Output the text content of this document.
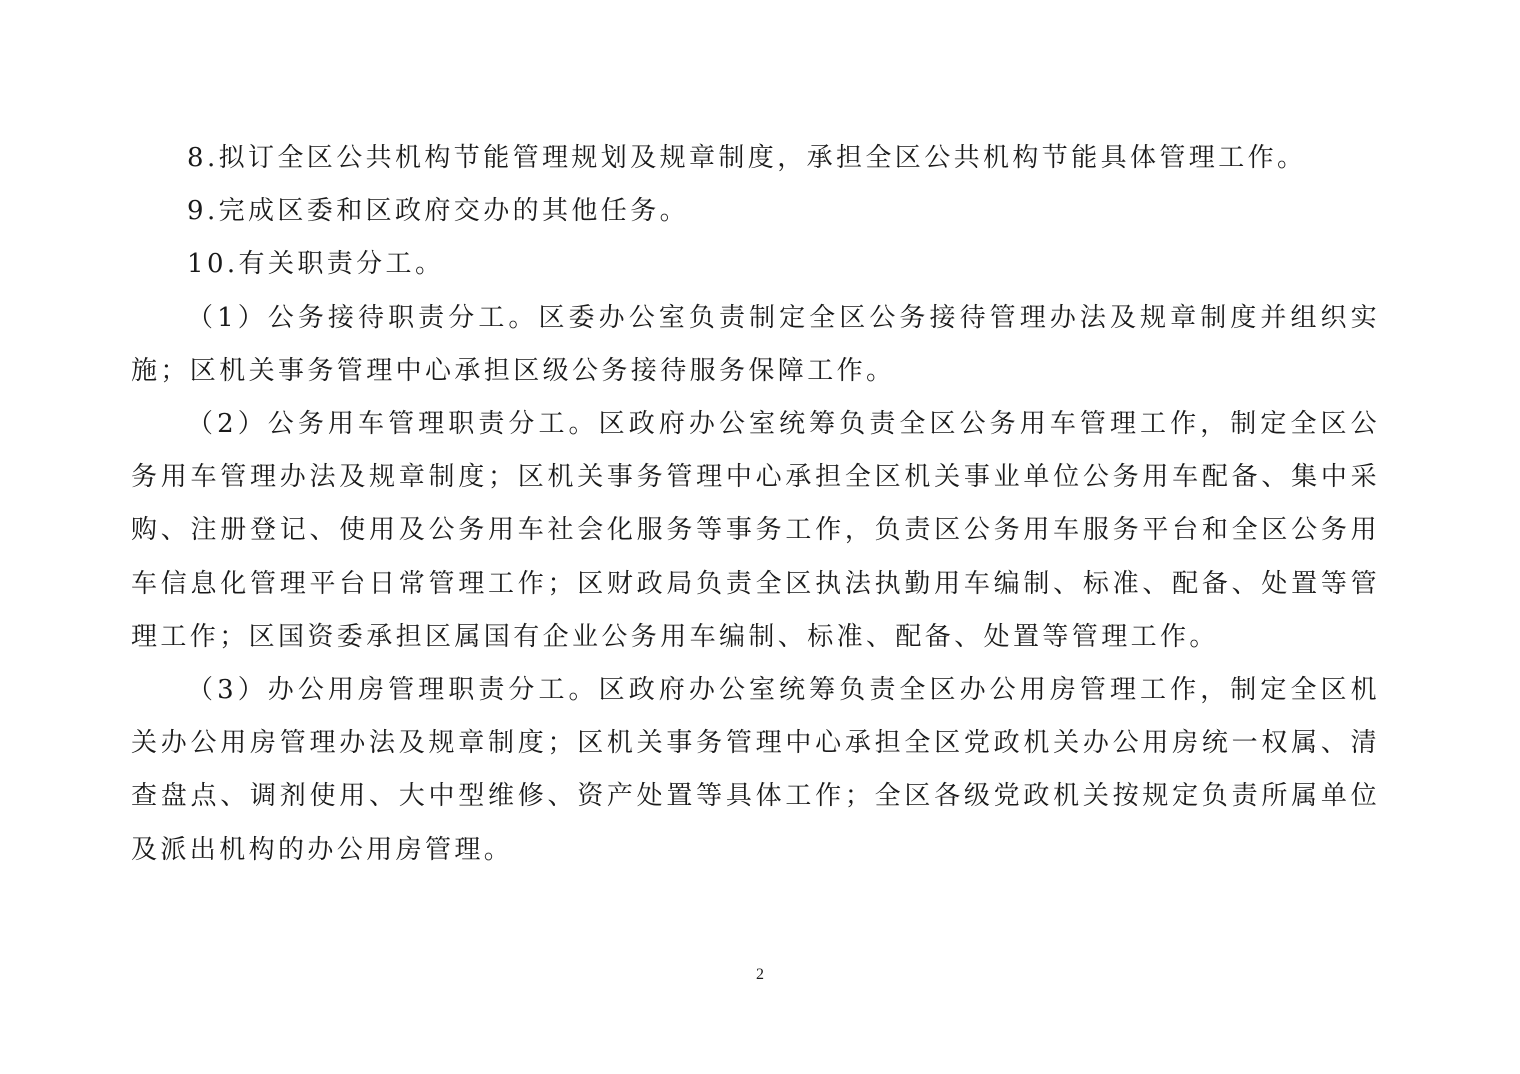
8.拟订全区公共机构节能管理规划及规章制度，承担全区公共机构节能具体管理工作。

9.完成区委和区政府交办的其他任务。

10.有关职责分工。

（1）公务接待职责分工。区委办公室负责制定全区公务接待管理办法及规章制度并组织实施；区机关事务管理中心承担区级公务接待服务保障工作。

（2）公务用车管理职责分工。区政府办公室统筹负责全区公务用车管理工作，制定全区公务用车管理办法及规章制度；区机关事务管理中心承担全区机关事业单位公务用车配备、集中采购、注册登记、使用及公务用车社会化服务等事务工作，负责区公务用车服务平台和全区公务用车信息化管理平台日常管理工作；区财政局负责全区执法执勤用车编制、标准、配备、处置等管理工作；区国资委承担区属国有企业公务用车编制、标准、配备、处置等管理工作。

（3）办公用房管理职责分工。区政府办公室统筹负责全区办公用房管理工作，制定全区机关办公用房管理办法及规章制度；区机关事务管理中心承担全区党政机关办公用房统一权属、清查盘点、调剂使用、大中型维修、资产处置等具体工作；全区各级党政机关按规定负责所属单位及派出机构的办公用房管理。

2
